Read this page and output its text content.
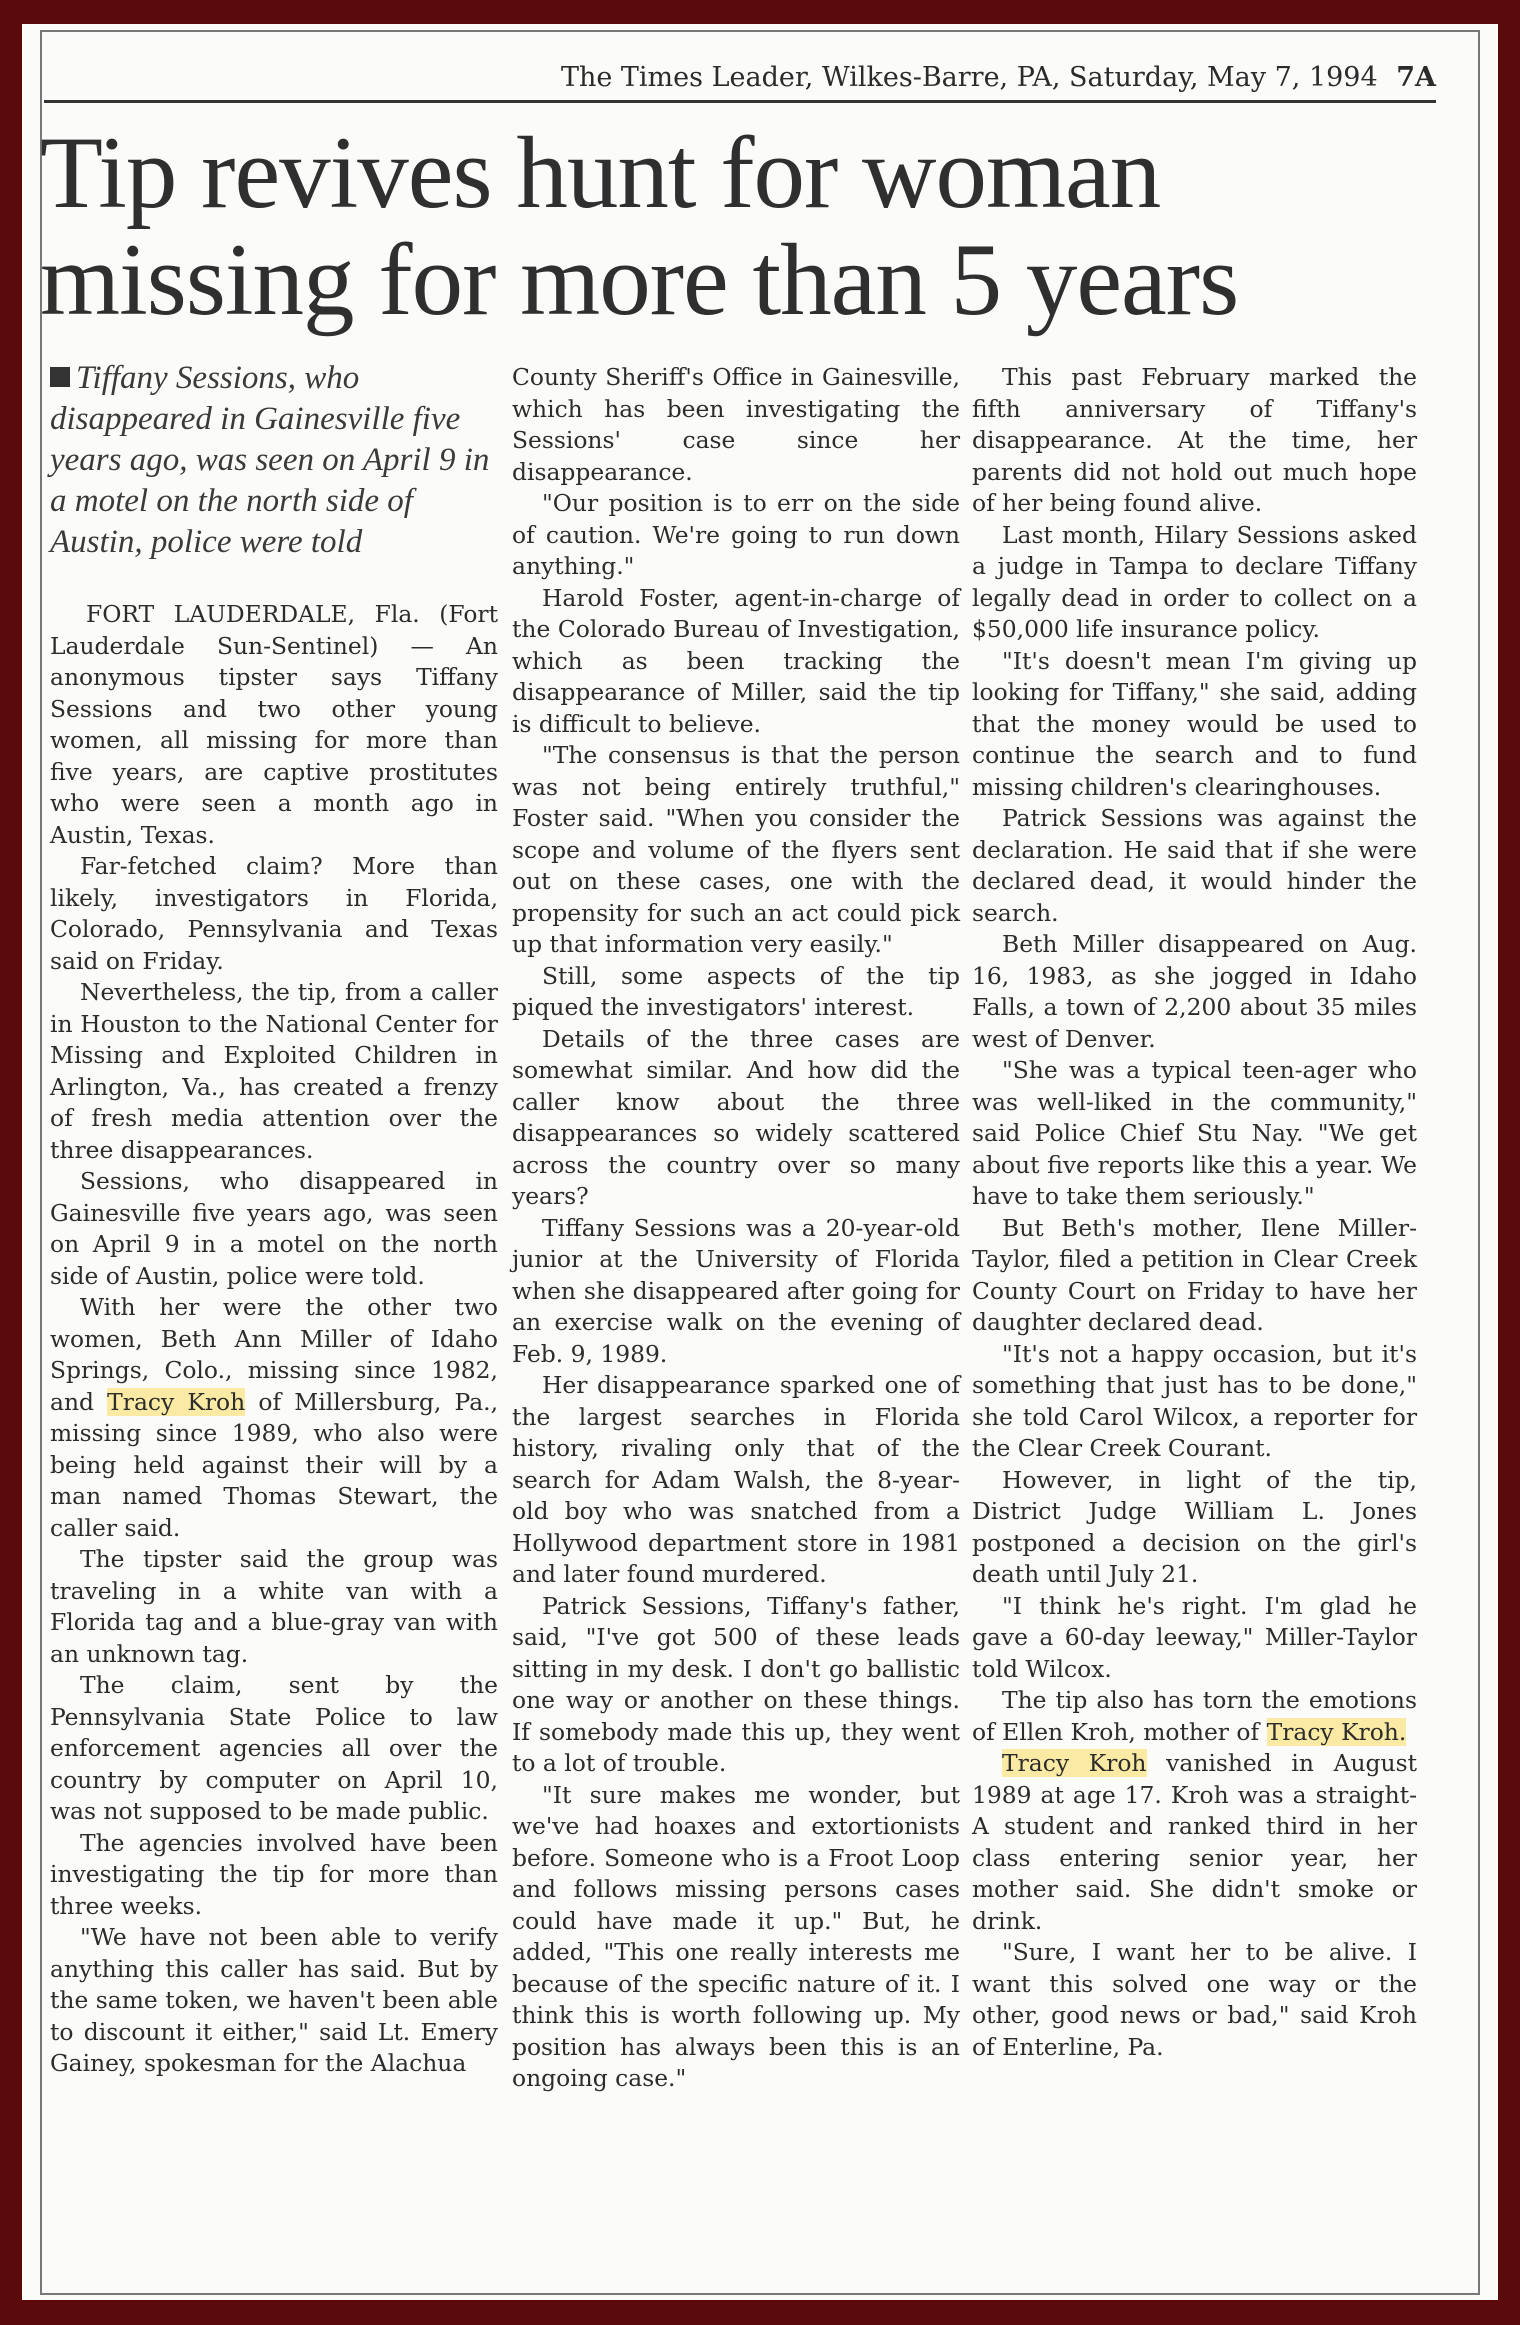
The Times Leader, Wilkes-Barre, PA, Saturday, May 7, 1994 7A
Tip revives hunt for woman missing for more than 5 years
Tiffany Sessions, who disappeared in Gainesville five years ago, was seen on April 9 in a motel on the north side of Austin, police were told

FORT LAUDERDALE, Fla. (Fort Lauderdale Sun-Sentinel) — An anonymous tipster says Tiffany Sessions and two other young women, all missing for more than five years, are captive prostitutes who were seen a month ago in Austin, Texas.

Far-fetched claim? More than likely, investigators in Florida, Colorado, Pennsylvania and Texas said on Friday.

Nevertheless, the tip, from a caller in Houston to the National Center for Missing and Exploited Children in Arlington, Va., has created a frenzy of fresh media attention over the three disappearances.

Sessions, who disappeared in Gainesville five years ago, was seen on April 9 in a motel on the north side of Austin, police were told.

With her were the other two women, Beth Ann Miller of Idaho Springs, Colo., missing since 1982, and Tracy Kroh of Millersburg, Pa., missing since 1989, who also were being held against their will by a man named Thomas Stewart, the caller said.

The tipster said the group was traveling in a white van with a Florida tag and a blue-gray van with an unknown tag.

The claim, sent by the Pennsylvania State Police to law enforcement agencies all over the country by computer on April 10, was not supposed to be made public.

The agencies involved have been investigating the tip for more than three weeks.

"We have not been able to verify anything this caller has said. But by the same token, we haven't been able to discount it either," said Lt. Emery Gainey, spokesman for the Alachua

County Sheriff's Office in Gainesville, which has been investigating the Sessions' case since her disappearance.

"Our position is to err on the side of caution. We're going to run down anything."

Harold Foster, agent-in-charge of the Colorado Bureau of Investigation, which as been tracking the disappearance of Miller, said the tip is difficult to believe.

"The consensus is that the person was not being entirely truthful," Foster said. "When you consider the scope and volume of the flyers sent out on these cases, one with the propensity for such an act could pick up that information very easily."

Still, some aspects of the tip piqued the investigators' interest.

Details of the three cases are somewhat similar. And how did the caller know about the three disappearances so widely scattered across the country over so many years?

Tiffany Sessions was a 20-year-old junior at the University of Florida when she disappeared after going for an exercise walk on the evening of Feb. 9, 1989.

Her disappearance sparked one of the largest searches in Florida history, rivaling only that of the search for Adam Walsh, the 8-year-old boy who was snatched from a Hollywood department store in 1981 and later found murdered.

Patrick Sessions, Tiffany's father, said, "I've got 500 of these leads sitting in my desk. I don't go ballistic one way or another on these things. If somebody made this up, they went to a lot of trouble.

"It sure makes me wonder, but we've had hoaxes and extortionists before. Someone who is a Froot Loop and follows missing persons cases could have made it up." But, he added, "This one really interests me because of the specific nature of it. I think this is worth following up. My position has always been this is an ongoing case."

This past February marked the fifth anniversary of Tiffany's disappearance. At the time, her parents did not hold out much hope of her being found alive.

Last month, Hilary Sessions asked a judge in Tampa to declare Tiffany legally dead in order to collect on a $50,000 life insurance policy.

"It's doesn't mean I'm giving up looking for Tiffany," she said, adding that the money would be used to continue the search and to fund missing children's clearinghouses.

Patrick Sessions was against the declaration. He said that if she were declared dead, it would hinder the search.

Beth Miller disappeared on Aug. 16, 1983, as she jogged in Idaho Falls, a town of 2,200 about 35 miles west of Denver.

"She was a typical teen-ager who was well-liked in the community," said Police Chief Stu Nay. "We get about five reports like this a year. We have to take them seriously."

But Beth's mother, Ilene Miller-Taylor, filed a petition in Clear Creek County Court on Friday to have her daughter declared dead.

"It's not a happy occasion, but it's something that just has to be done," she told Carol Wilcox, a reporter for the Clear Creek Courant.

However, in light of the tip, District Judge William L. Jones postponed a decision on the girl's death until July 21.

"I think he's right. I'm glad he gave a 60-day leeway," Miller-Taylor told Wilcox.

The tip also has torn the emotions of Ellen Kroh, mother of Tracy Kroh.

Tracy Kroh vanished in August 1989 at age 17. Kroh was a straight-A student and ranked third in her class entering senior year, her mother said. She didn't smoke or drink.

"Sure, I want her to be alive. I want this solved one way or the other, good news or bad," said Kroh of Enterline, Pa.
